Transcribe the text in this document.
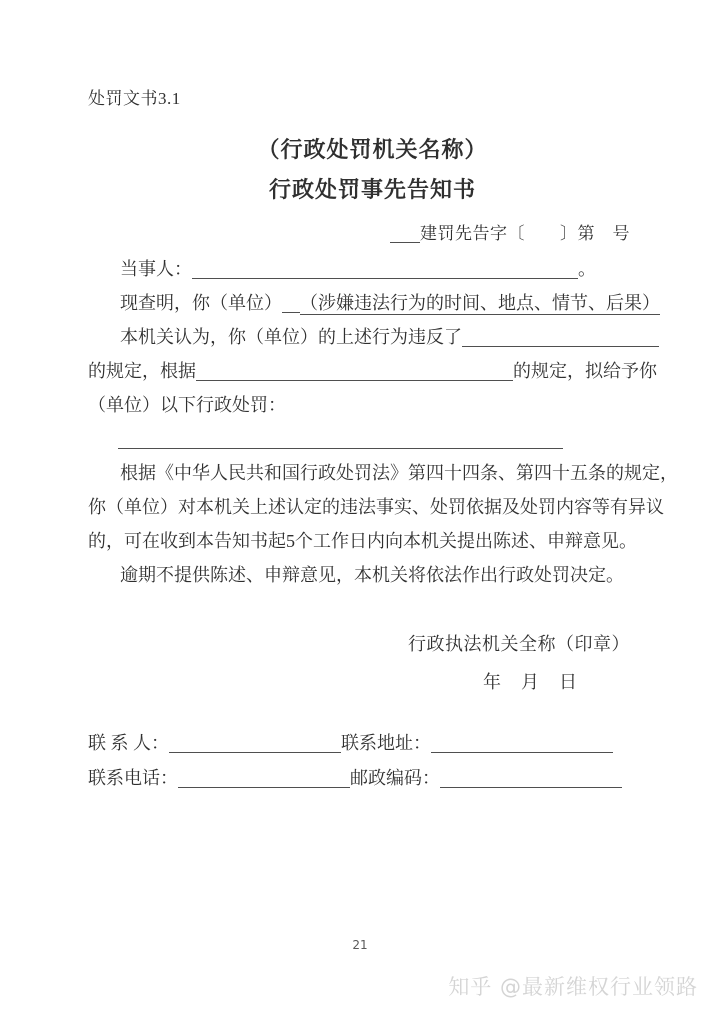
处罚文书3.1
（行政处罚机关名称）
行政处罚事先告知书
建罚先告字〔　　〕第　号
当事人：	。
现查明，你（单位） （涉嫌违法行为的时间、地点、情节、后果）
本机关认为，你（单位）的上述行为违反了
的规定，根据	的规定，拟给予你
（单位）以下行政处罚：
根据《中华人民共和国行政处罚法》第四十四条、第四十五条的规定，
你（单位）对本机关上述认定的违法事实、处罚依据及处罚内容等有异议
的，可在收到本告知书起5个工作日内向本机关提出陈述、申辩意见。
逾期不提供陈述、申辩意见，本机关将依法作出行政处罚决定。
行政执法机关全称（印章）
年　月　日
联 系 人：	联系地址：
联系电话：	邮政编码：
21
知乎 @最新维权行业领路
